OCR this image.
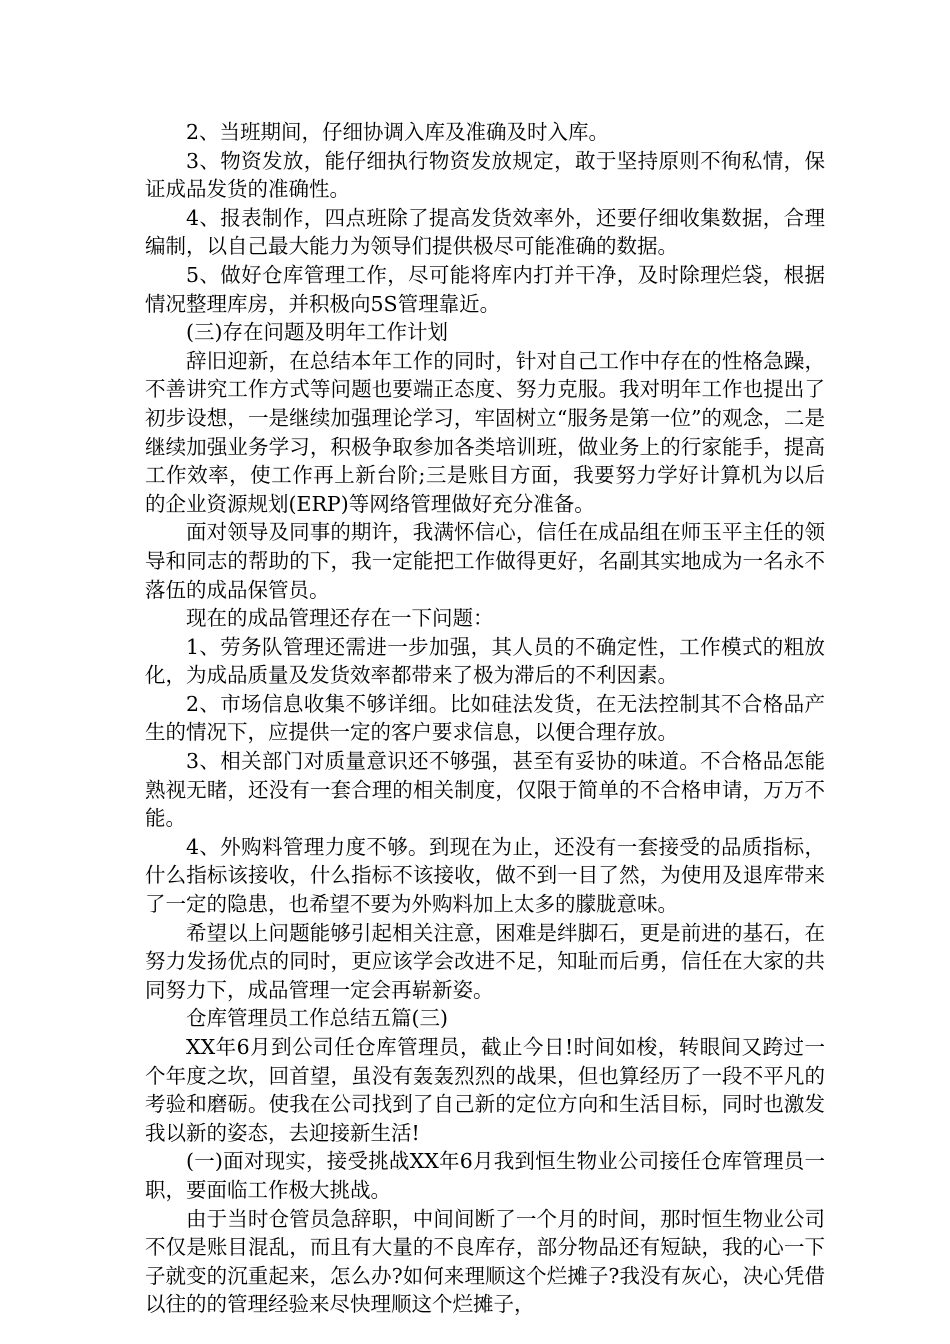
2、当班期间，仔细协调入库及准确及时入库。

3、物资发放，能仔细执行物资发放规定，敢于坚持原则不徇私情，保证成品发货的准确性。

4、报表制作，四点班除了提高发货效率外，还要仔细收集数据，合理编制，以自己最大能力为领导们提供极尽可能准确的数据。

5、做好仓库管理工作，尽可能将库内打并干净，及时除理烂袋，根据情况整理库房，并积极向5S管理靠近。

(三)存在问题及明年工作计划

辞旧迎新，在总结本年工作的同时，针对自己工作中存在的性格急躁，不善讲究工作方式等问题也要端正态度、努力克服。我对明年工作也提出了初步设想，一是继续加强理论学习，牢固树立“服务是第一位”的观念，二是继续加强业务学习，积极争取参加各类培训班，做业务上的行家能手，提高工作效率，使工作再上新台阶;三是账目方面，我要努力学好计算机为以后的企业资源规划(ERP)等网络管理做好充分准备。

面对领导及同事的期许，我满怀信心，信任在成品组在师玉平主任的领导和同志的帮助的下，我一定能把工作做得更好，名副其实地成为一名永不落伍的成品保管员。

现在的成品管理还存在一下问题：

1、劳务队管理还需进一步加强，其人员的不确定性，工作模式的粗放化，为成品质量及发货效率都带来了极为滞后的不利因素。

2、市场信息收集不够详细。比如硅法发货，在无法控制其不合格品产生的情况下，应提供一定的客户要求信息，以便合理存放。

3、相关部门对质量意识还不够强，甚至有妥协的味道。不合格品怎能熟视无睹，还没有一套合理的相关制度，仅限于简单的不合格申请，万万不能。

4、外购料管理力度不够。到现在为止，还没有一套接受的品质指标，什么指标该接收，什么指标不该接收，做不到一目了然，为使用及退库带来了一定的隐患，也希望不要为外购料加上太多的朦胧意味。

希望以上问题能够引起相关注意，困难是绊脚石，更是前进的基石，在努力发扬优点的同时，更应该学会改进不足，知耻而后勇，信任在大家的共同努力下，成品管理一定会再崭新姿。

仓库管理员工作总结五篇(三)

XX年6月到公司任仓库管理员，截止今日!时间如梭，转眼间又跨过一个年度之坎，回首望，虽没有轰轰烈烈的战果，但也算经历了一段不平凡的考验和磨砺。使我在公司找到了自己新的定位方向和生活目标，同时也激发我以新的姿态，去迎接新生活!

(一)面对现实，接受挑战XX年6月我到恒生物业公司接任仓库管理员一职，要面临工作极大挑战。

由于当时仓管员急辞职，中间间断了一个月的时间，那时恒生物业公司不仅是账目混乱，而且有大量的不良库存，部分物品还有短缺，我的心一下子就变的沉重起来，怎么办?如何来理顺这个烂摊子?我没有灰心，决心凭借以往的的管理经验来尽快理顺这个烂摊子，
